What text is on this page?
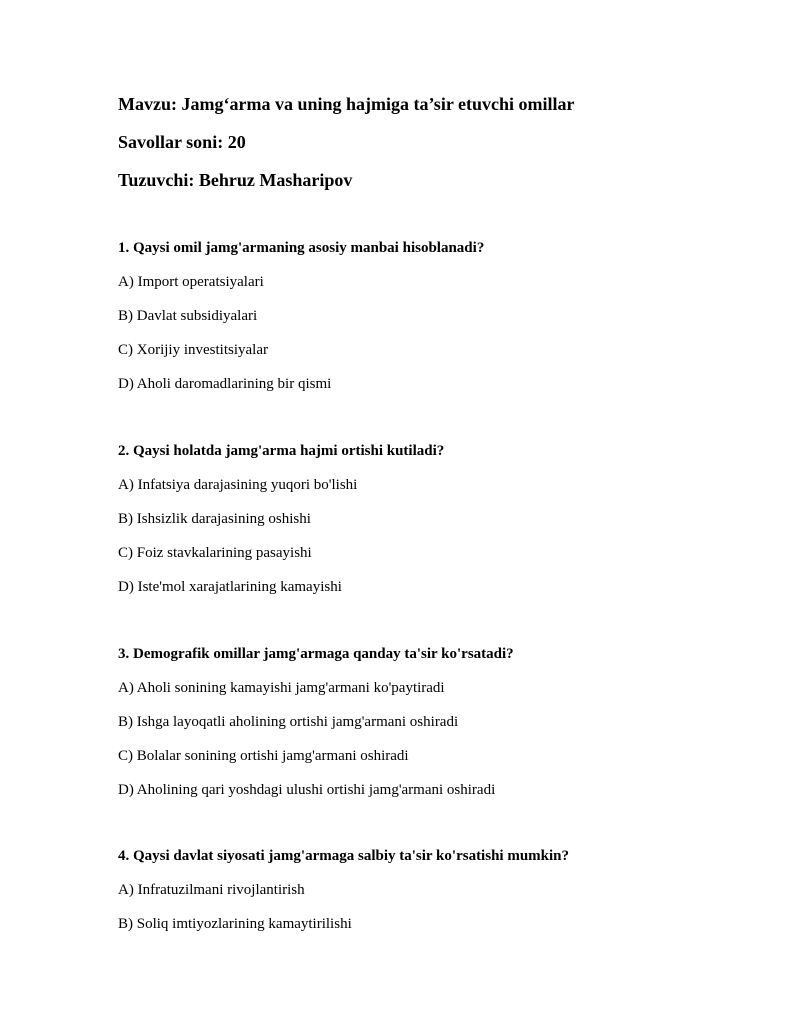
Mavzu: Jamg‘arma va uning hajmiga ta’sir etuvchi omillar
Savollar soni: 20
Tuzuvchi: Behruz Masharipov
1. Qaysi omil jamg'armaning asosiy manbai hisoblanadi?
A) Import operatsiyalari
B) Davlat subsidiyalari
C) Xorijiy investitsiyalar
D) Aholi daromadlarining bir qismi
2. Qaysi holatda jamg'arma hajmi ortishi kutiladi?
A) Infatsiya darajasining yuqori bo'lishi
B) Ishsizlik darajasining oshishi
C) Foiz stavkalarining pasayishi
D) Iste'mol xarajatlarining kamayishi
3. Demografik omillar jamg'armaga qanday ta'sir ko'rsatadi?
A) Aholi sonining kamayishi jamg'armani ko'paytiradi
B) Ishga layoqatli aholining ortishi jamg'armani oshiradi
C) Bolalar sonining ortishi jamg'armani oshiradi
D) Aholining qari yoshdagi ulushi ortishi jamg'armani oshiradi
4. Qaysi davlat siyosati jamg'armaga salbiy ta'sir ko'rsatishi mumkin?
A) Infratuzilmani rivojlantirish
B) Soliq imtiyozlarining kamaytirilishi
